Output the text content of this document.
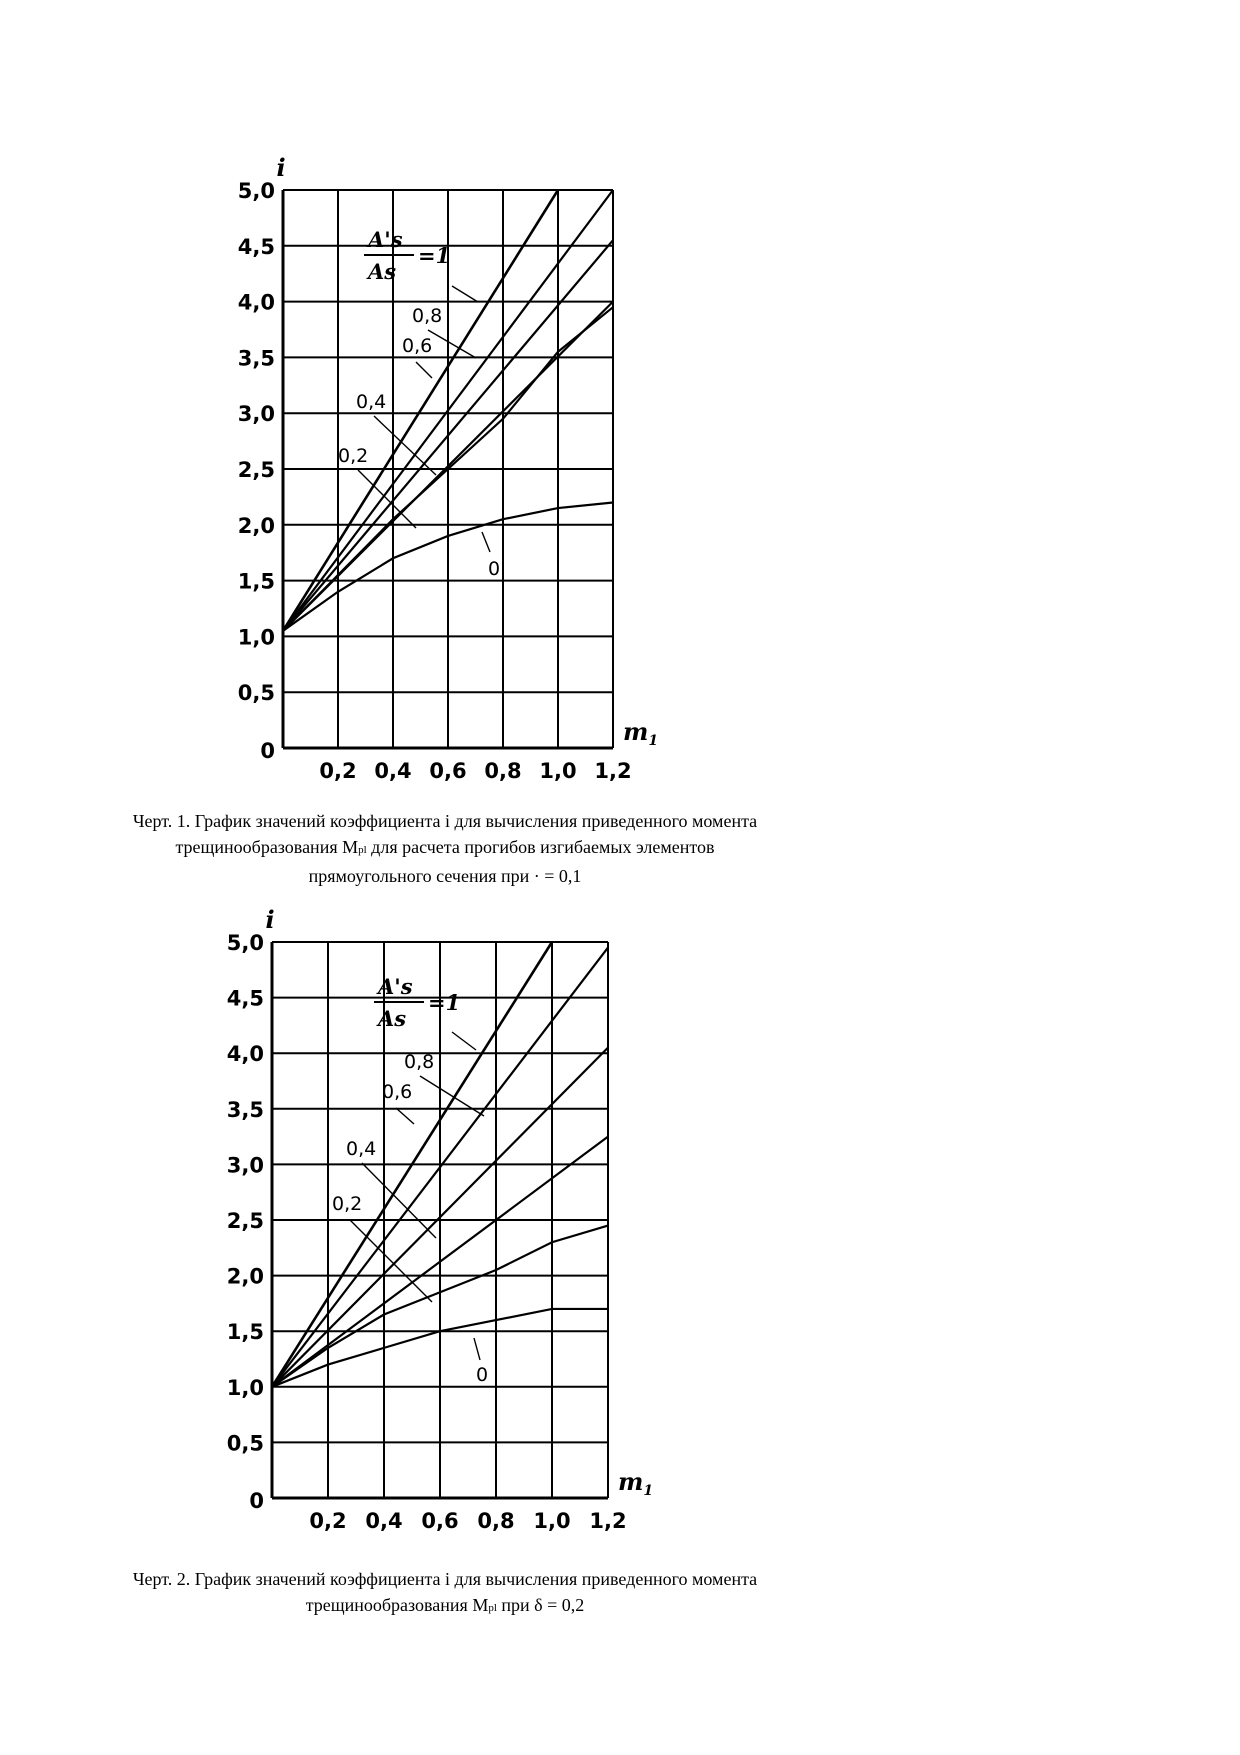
0
0,5
1,0
1,5
2,0
2,5
3,0
3,5
4,0
4,5
5,0
0,2 0,4 0,6 0,8 1,0 1,2
i
$m_1$
0,8
0,6
0,4
0,2
0
A's
As
=1
Черт. 1. График значений коэффициента i для вычисления приведенного момента трещинообразования Mpl для расчета прогибов изгибаемых элементов прямоугольного сечения при · = 0,1
0
0,5
1,0
1,5
2,0
2,5
3,0
3,5
4,0
4,5
5,0
0,2 0,4 0,6 0,8 1,0 1,2
i
$m_1$
0,8
0,6
0,4
0,2
0
A's
As
=1
Черт. 2. График значений коэффициента i для вычисления приведенного момента трещинообразования Mpl при δ = 0,2
